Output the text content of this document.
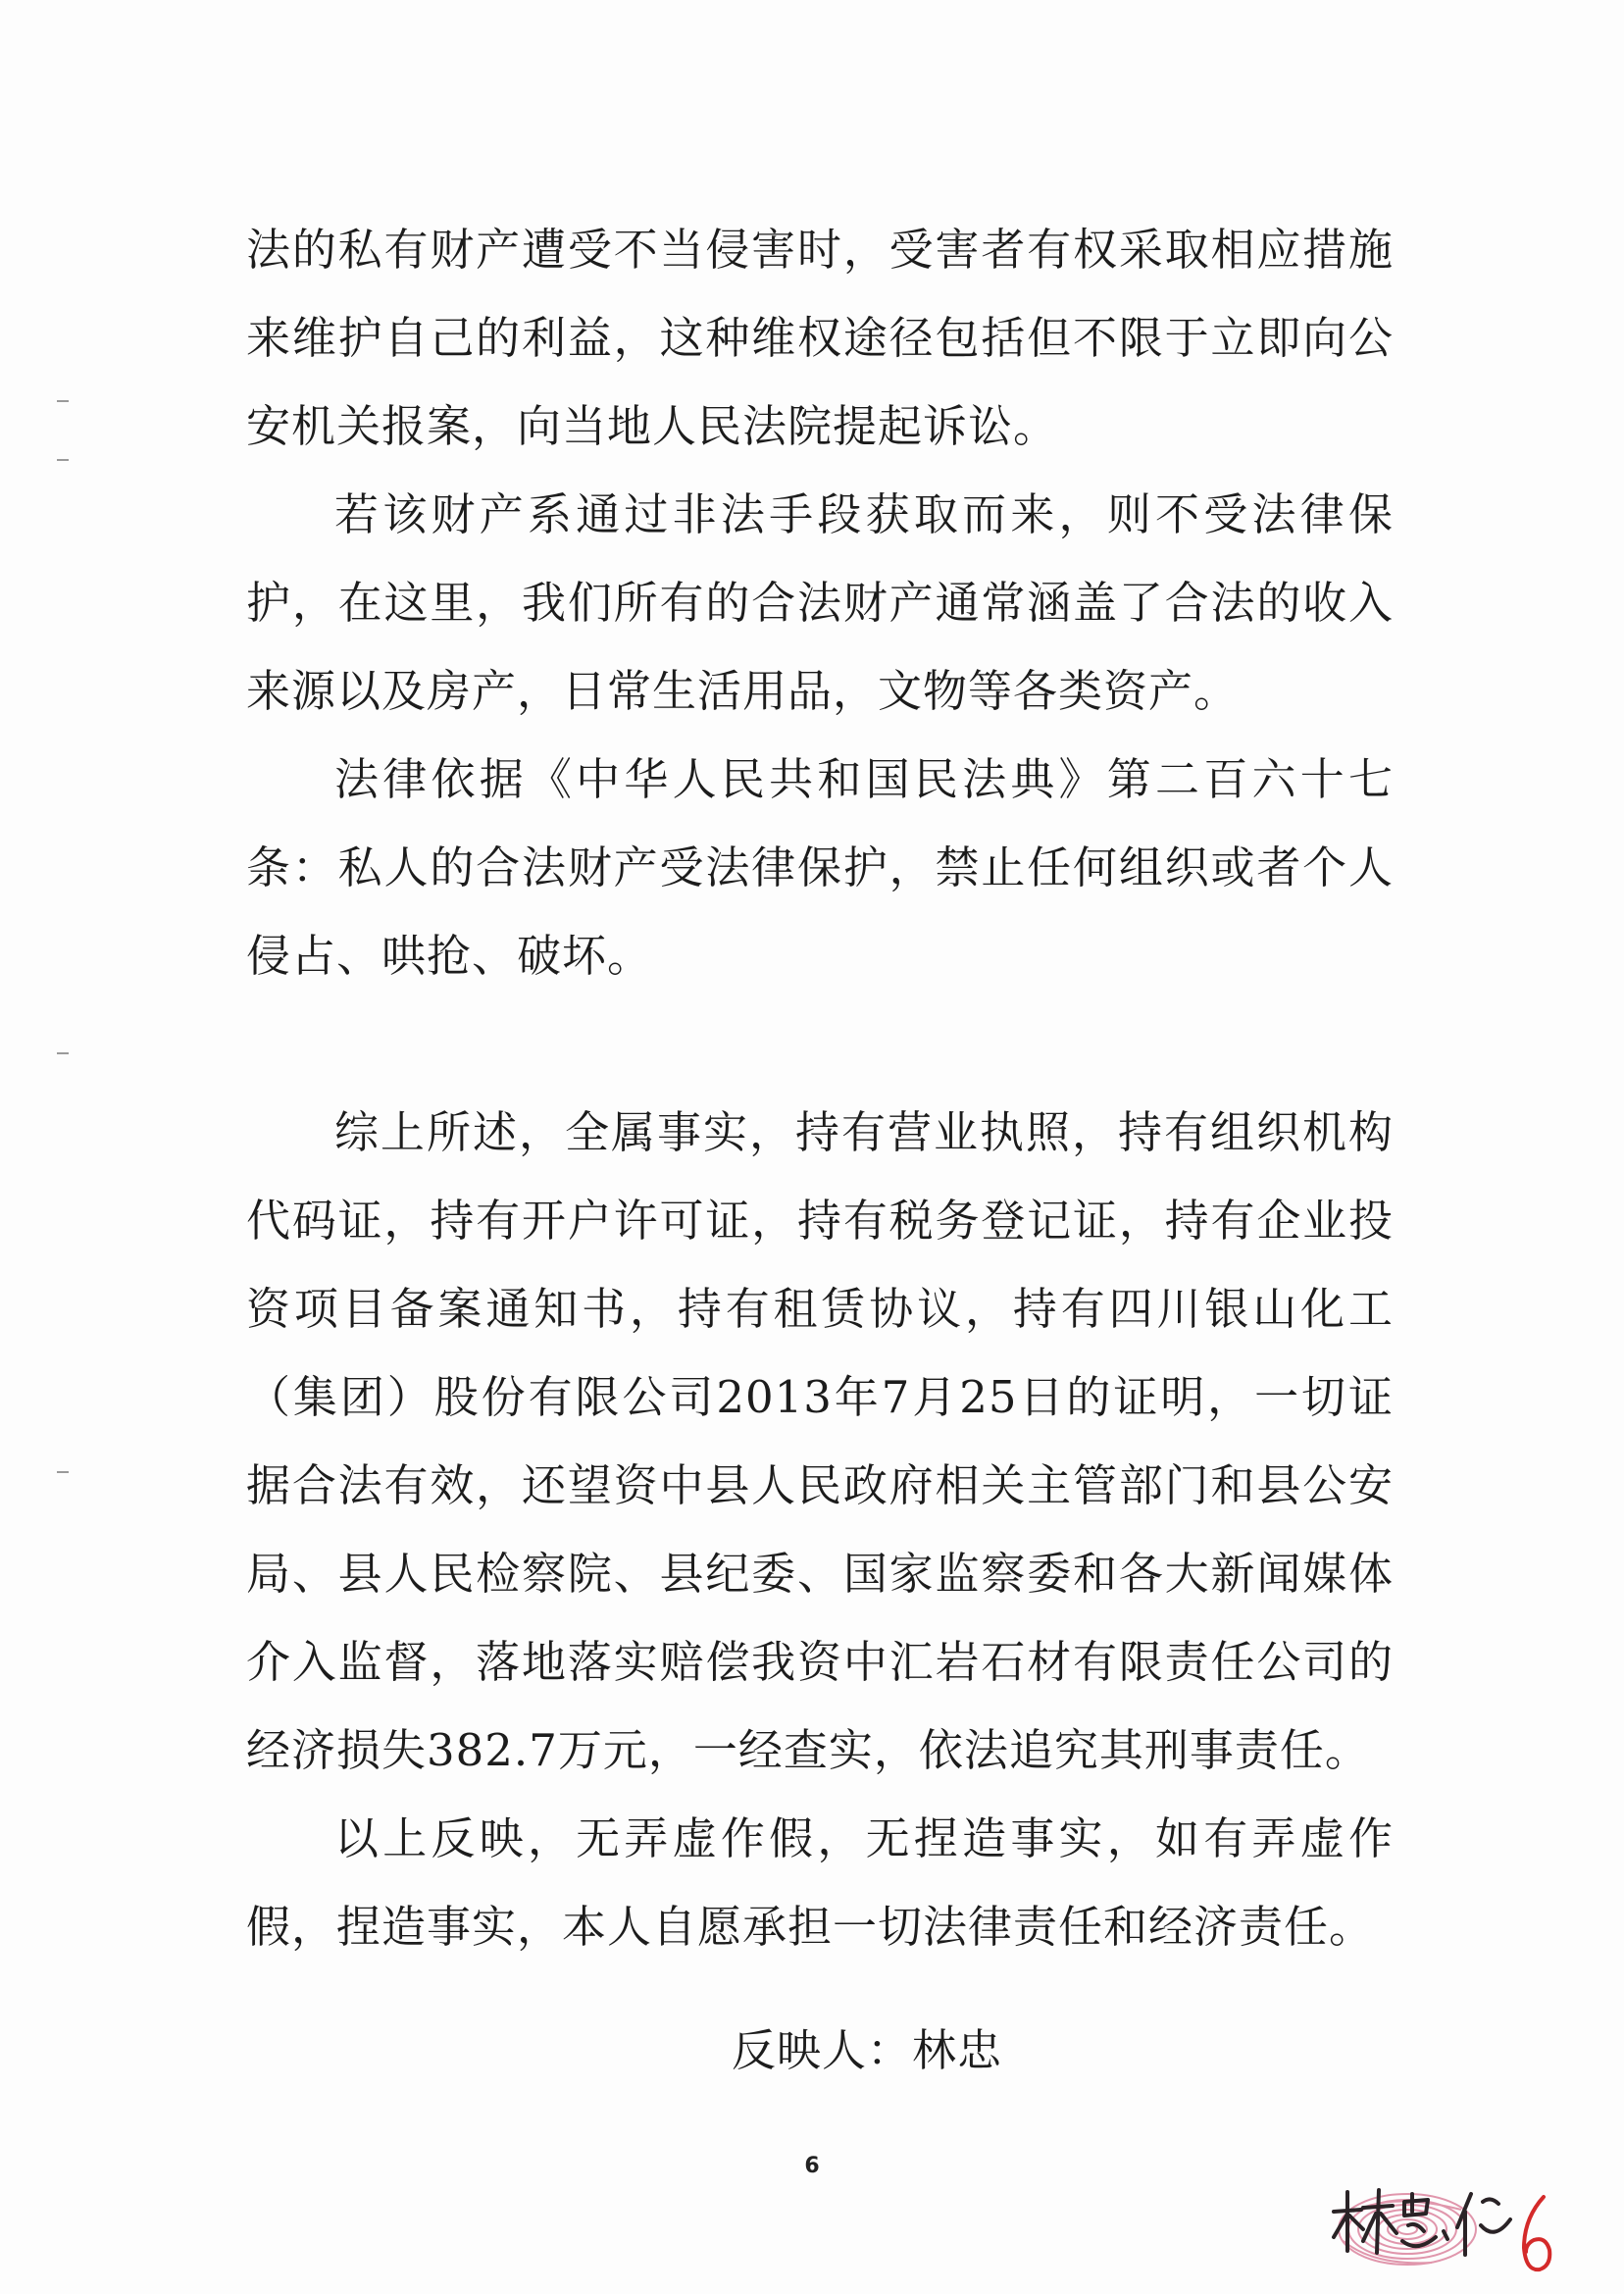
法的私有财产遭受不当侵害时，受害者有权采取相应措施来维护自己的利益，这种维权途径包括但不限于立即向公安机关报案，向当地人民法院提起诉讼。

若该财产系通过非法手段获取而来，则不受法律保护，在这里，我们所有的合法财产通常涵盖了合法的收入来源以及房产，日常生活用品，文物等各类资产。

法律依据《中华人民共和国民法典》第二百六十七条：私人的合法财产受法律保护，禁止任何组织或者个人侵占、哄抢、破坏。

综上所述，全属事实，持有营业执照，持有组织机构代码证，持有开户许可证，持有税务登记证，持有企业投资项目备案通知书，持有租赁协议，持有四川银山化工（集团）股份有限公司2013年7月25日的证明，一切证据合法有效，还望资中县人民政府相关主管部门和县公安局、县人民检察院、县纪委、国家监察委和各大新闻媒体介入监督，落地落实赔偿我资中汇岩石材有限责任公司的经济损失382.7万元，一经查实，依法追究其刑事责任。

以上反映，无弄虚作假，无捏造事实，如有弄虚作假，捏造事实，本人自愿承担一切法律责任和经济责任。

反映人：林忠
6
